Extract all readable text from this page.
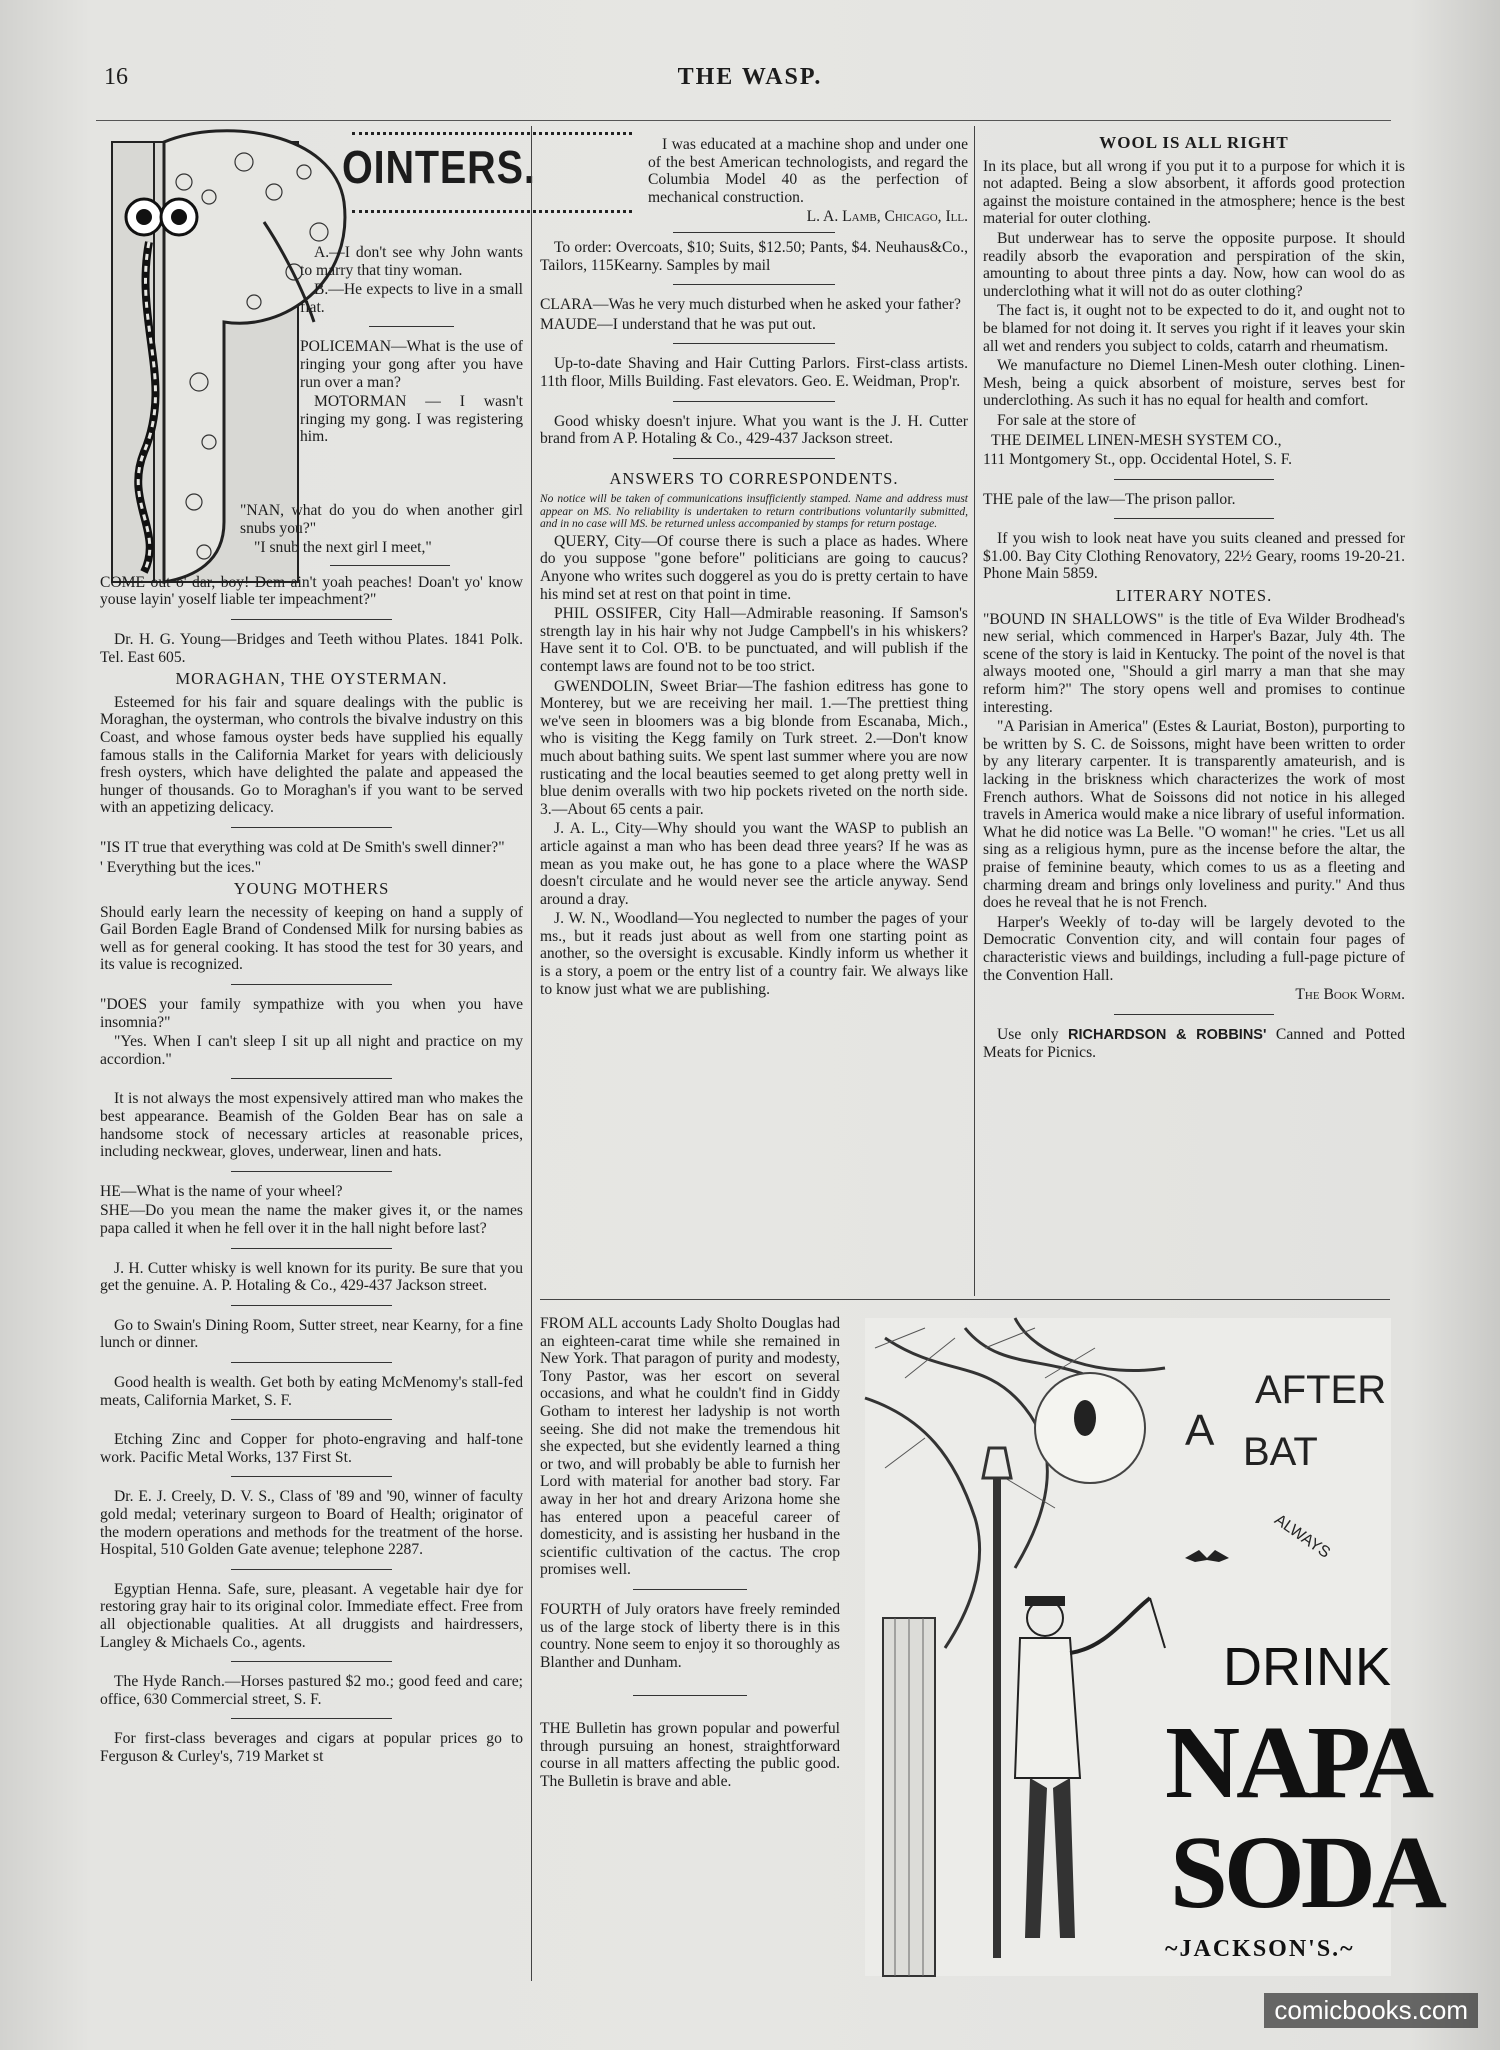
16	THE WASP.
OINTERS.

A.—I don't see why John wants to marry that tiny woman.

B.—He expects to live in a small flat.

POLICEMAN—What is the use of ringing your gong after you have run over a man?

MOTORMAN — I wasn't ringing my gong. I was registering him.

"NAN, what do you do when another girl snubs you?"

"I snub the next girl I meet,"

COME out o' dar, boy! Dem ain't yoah peaches! Doan't yo' know youse layin' yoself liable ter impeachment?"

Dr. H. G. Young—Bridges and Teeth withou Plates. 1841 Polk. Tel. East 605.

MORAGHAN, THE OYSTERMAN.

Esteemed for his fair and square dealings with the public is Moraghan, the oysterman, who controls the bivalve industry on this Coast, and whose famous oyster beds have supplied his equally famous stalls in the California Market for years with deliciously fresh oysters, which have delighted the palate and appeased the hunger of thousands. Go to Moraghan's if you want to be served with an appetizing delicacy.

"IS IT true that everything was cold at De Smith's swell dinner?"

' Everything but the ices."

YOUNG MOTHERS

Should early learn the necessity of keeping on hand a supply of Gail Borden Eagle Brand of Condensed Milk for nursing babies as well as for general cooking. It has stood the test for 30 years, and its value is recognized.

"DOES your family sympathize with you when you have insomnia?"

"Yes. When I can't sleep I sit up all night and practice on my accordion."

It is not always the most expensively attired man who makes the best appearance. Beamish of the Golden Bear has on sale a handsome stock of necessary articles at reasonable prices, including neckwear, gloves, underwear, linen and hats.

HE—What is the name of your wheel?

SHE—Do you mean the name the maker gives it, or the names papa called it when he fell over it in the hall night before last?

J. H. Cutter whisky is well known for its purity. Be sure that you get the genuine. A. P. Hotaling & Co., 429-437 Jackson street.

Go to Swain's Dining Room, Sutter street, near Kearny, for a fine lunch or dinner.

Good health is wealth. Get both by eating McMenomy's stall-fed meats, California Market, S. F.

Etching Zinc and Copper for photo-engraving and half-tone work. Pacific Metal Works, 137 First St.

Dr. E. J. Creely, D. V. S., Class of '89 and '90, winner of faculty gold medal; veterinary surgeon to Board of Health; originator of the modern operations and methods for the treatment of the horse. Hospital, 510 Golden Gate avenue; telephone 2287.

Egyptian Henna. Safe, sure, pleasant. A vegetable hair dye for restoring gray hair to its original color. Immediate effect. Free from all objectionable qualities. At all druggists and hairdressers, Langley & Michaels Co., agents.

The Hyde Ranch.—Horses pastured $2 mo.; good feed and care; office, 630 Commercial street, S. F.

For first-class beverages and cigars at popular prices go to Ferguson & Curley's, 719 Market st

I was educated at a machine shop and under one of the best American technologists, and regard the Columbia Model 40 as the perfection of mechanical construction.

L. A. Lamb, Chicago, Ill.

To order: Overcoats, $10; Suits, $12.50; Pants, $4. Neuhaus&Co., Tailors, 115Kearny. Samples by mail

CLARA—Was he very much disturbed when he asked your father?

MAUDE—I understand that he was put out.

Up-to-date Shaving and Hair Cutting Parlors. First-class artists. 11th floor, Mills Building. Fast elevators. Geo. E. Weidman, Prop'r.

Good whisky doesn't injure. What you want is the J. H. Cutter brand from A P. Hotaling & Co., 429-437 Jackson street.

ANSWERS TO CORRESPONDENTS.

No notice will be taken of communications insufficiently stamped. Name and address must appear on MS. No reliability is undertaken to return contributions voluntarily submitted, and in no case will MS. be returned unless accompanied by stamps for return postage.

QUERY, City—Of course there is such a place as hades. Where do you suppose "gone before" politicians are going to caucus? Anyone who writes such doggerel as you do is pretty certain to have his mind set at rest on that point in time.

PHIL OSSIFER, City Hall—Admirable reasoning. If Samson's strength lay in his hair why not Judge Campbell's in his whiskers? Have sent it to Col. O'B. to be punctuated, and will publish if the contempt laws are found not to be too strict.

GWENDOLIN, Sweet Briar—The fashion editress has gone to Monterey, but we are receiving her mail. 1.—The prettiest thing we've seen in bloomers was a big blonde from Escanaba, Mich., who is visiting the Kegg family on Turk street. 2.—Don't know much about bathing suits. We spent last summer where you are now rusticating and the local beauties seemed to get along pretty well in blue denim overalls with two hip pockets riveted on the north side. 3.—About 65 cents a pair.

J. A. L., City—Why should you want the WASP to publish an article against a man who has been dead three years? If he was as mean as you make out, he has gone to a place where the WASP doesn't circulate and he would never see the article anyway. Send around a dray.

J. W. N., Woodland—You neglected to number the pages of your ms., but it reads just about as well from one starting point as another, so the oversight is excusable. Kindly inform us whether it is a story, a poem or the entry list of a country fair. We always like to know just what we are publishing.

WOOL IS ALL RIGHT

In its place, but all wrong if you put it to a purpose for which it is not adapted. Being a slow absorbent, it affords good protection against the moisture contained in the atmosphere; hence is the best material for outer clothing.

But underwear has to serve the opposite purpose. It should readily absorb the evaporation and perspiration of the skin, amounting to about three pints a day. Now, how can wool do as underclothing what it will not do as outer clothing?

The fact is, it ought not to be expected to do it, and ought not to be blamed for not doing it. It serves you right if it leaves your skin all wet and renders you subject to colds, catarrh and rheumatism.

We manufacture no Diemel Linen-Mesh outer clothing. Linen-Mesh, being a quick absorbent of moisture, serves best for underclothing. As such it has no equal for health and comfort.

For sale at the store of

THE DEIMEL LINEN-MESH SYSTEM CO.,

111 Montgomery St., opp. Occidental Hotel, S. F.

THE pale of the law—The prison pallor.

If you wish to look neat have you suits cleaned and pressed for $1.00. Bay City Clothing Renovatory, 22½ Geary, rooms 19-20-21. Phone Main 5859.

LITERARY NOTES.

"BOUND IN SHALLOWS" is the title of Eva Wilder Brodhead's new serial, which commenced in Harper's Bazar, July 4th. The scene of the story is laid in Kentucky. The point of the novel is that always mooted one, "Should a girl marry a man that she may reform him?" The story opens well and promises to continue interesting.

"A Parisian in America" (Estes & Lauriat, Boston), purporting to be written by S. C. de Soissons, might have been written to order by any literary carpenter. It is transparently amateurish, and is lacking in the briskness which characterizes the work of most French authors. What de Soissons did not notice in his alleged travels in America would make a nice library of useful information. What he did notice was La Belle. "O woman!" he cries. "Let us all sing as a religious hymn, pure as the incense before the altar, the praise of feminine beauty, which comes to us as a fleeting and charming dream and brings only loveliness and purity." And thus does he reveal that he is not French.

Harper's Weekly of to-day will be largely devoted to the Democratic Convention city, and will contain four pages of characteristic views and buildings, including a full-page picture of the Convention Hall.

The Book Worm.

Use only RICHARDSON & ROBBINS' Canned and Potted Meats for Picnics.

FROM ALL accounts Lady Sholto Douglas had an eighteen-carat time while she remained in New York. That paragon of purity and modesty, Tony Pastor, was her escort on several occasions, and what he couldn't find in Giddy Gotham to interest her ladyship is not worth seeing. She did not make the tremendous hit she expected, but she evidently learned a thing or two, and will probably be able to furnish her Lord with material for another bad story. Far away in her hot and dreary Arizona home she has entered upon a peaceful career of domesticity, and is assisting her husband in the scientific cultivation of the cactus. The crop promises well.

FOURTH of July orators have freely reminded us of the large stock of liberty there is in this country. None seem to enjoy it so thoroughly as Blanther and Dunham.

THE Bulletin has grown popular and powerful through pursuing an honest, straightforward course in all matters affecting the public good. The Bulletin is brave and able.

AFTER
A BAT
ALWAYS
DRINK
NAPA
SODA
~JACKSON'S.~
comicbooks.com
